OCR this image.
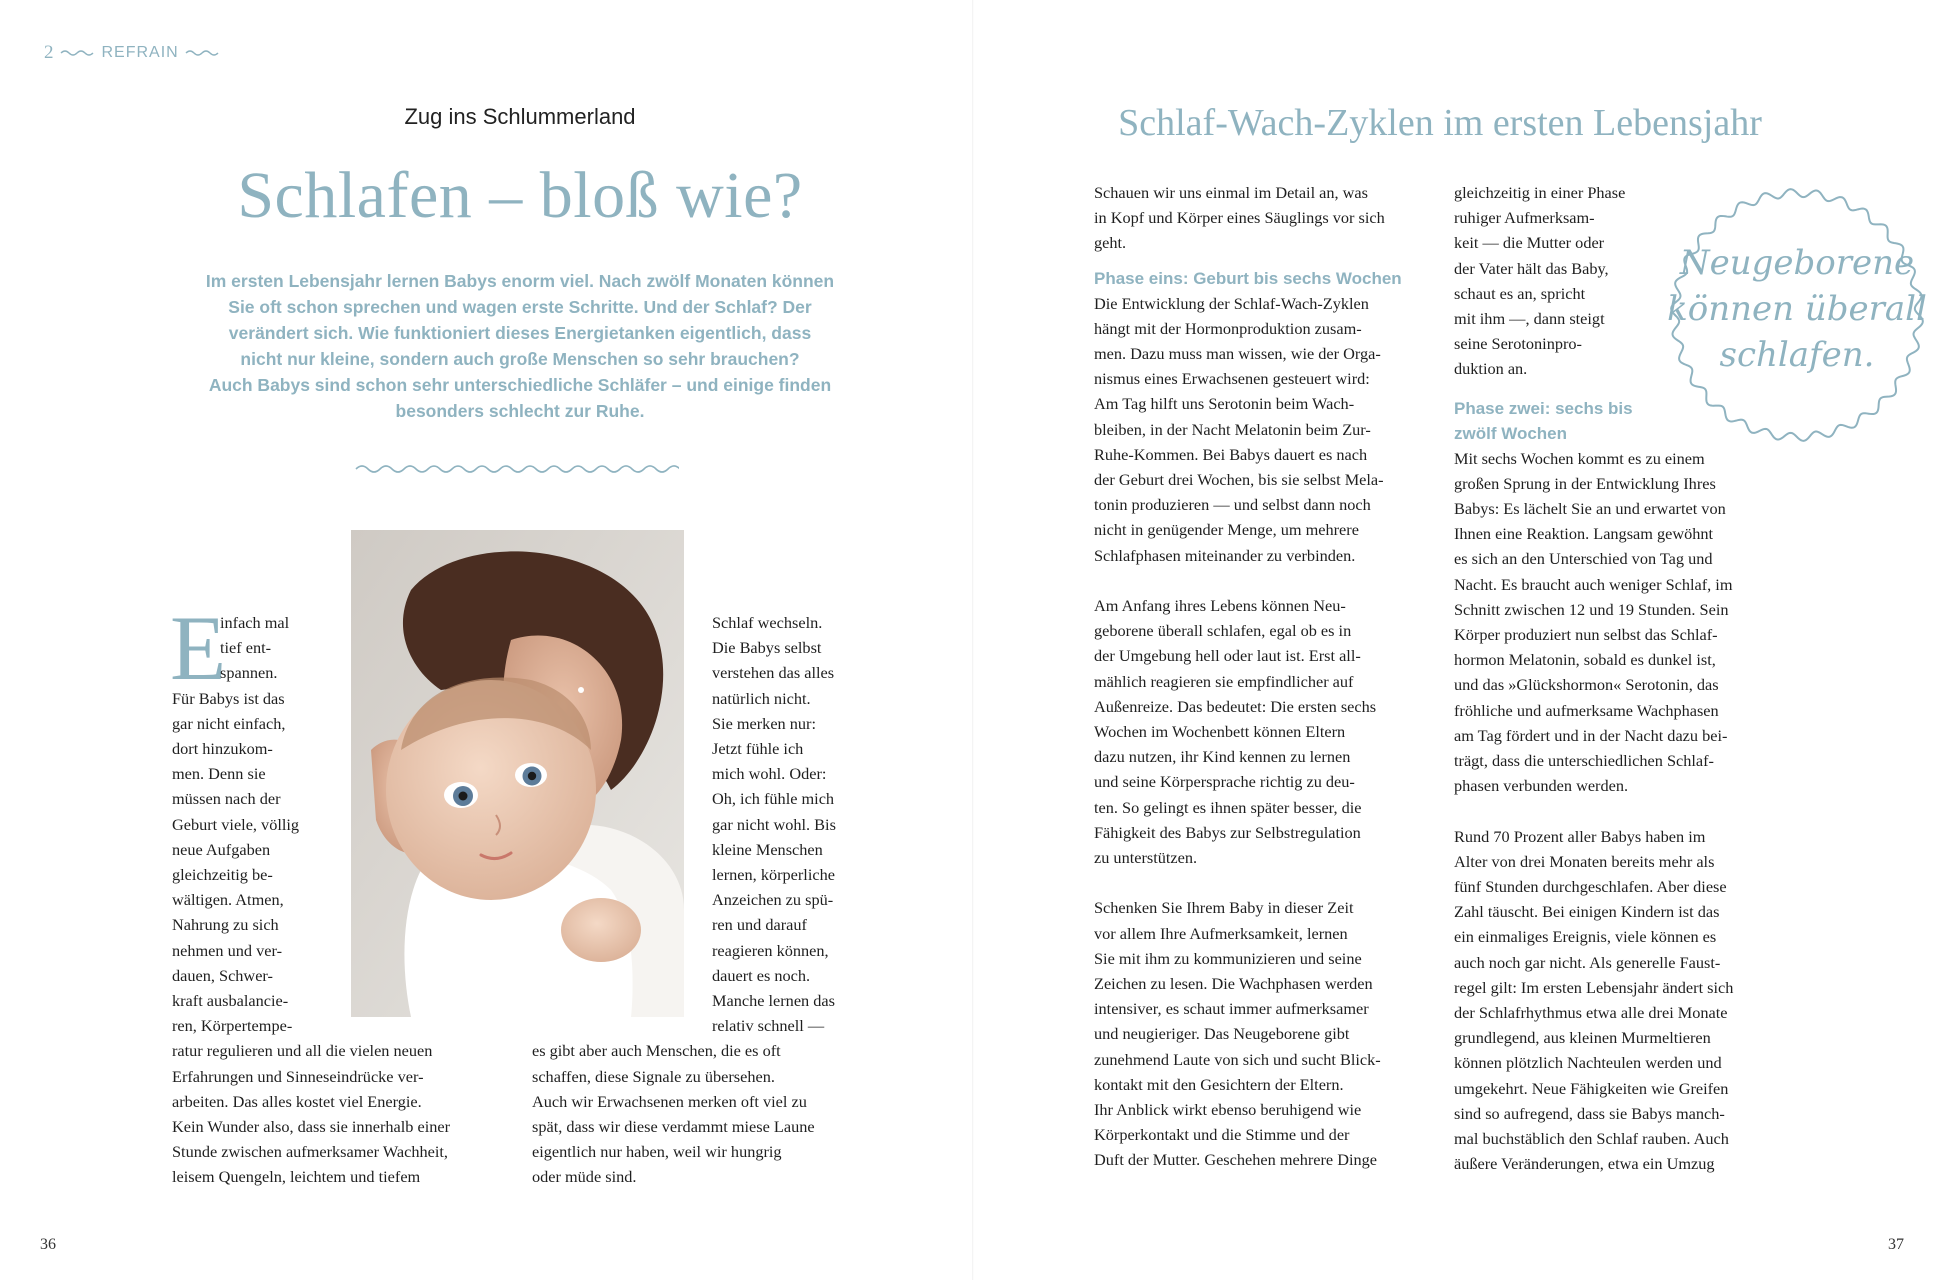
2	REFRAIN
Zug ins Schlummerland
Schlafen – bloß wie?
Im ersten Lebensjahr lernen Babys enorm viel. Nach zwölf Monaten können
Sie oft schon sprechen und wagen erste Schritte. Und der Schlaf? Der
verändert sich. Wie funktioniert dieses Energietanken eigentlich, dass
nicht nur kleine, sondern auch große Menschen so sehr brauchen?
Auch Babys sind schon sehr unterschiedliche Schläfer – und einige finden
besonders schlecht zur Ruhe.
E

infach mal

tief ent-

spannen.

Für Babys ist das

gar nicht einfach,

dort hinzukom-

men. Denn sie

müssen nach der

Geburt viele, völlig

neue Aufgaben

gleichzeitig be-

wältigen. Atmen,

Nahrung zu sich

nehmen und ver-

dauen, Schwer-

kraft ausbalancie-

ren, Körpertempe-

ratur regulieren und all die vielen neuen

Erfahrungen und Sinneseindrücke ver-

arbeiten. Das alles kostet viel Energie.

Kein Wunder also, dass sie innerhalb einer

Stunde zwischen aufmerksamer Wachheit,

leisem Quengeln, leichtem und tiefem

Schlaf wechseln.

Die Babys selbst

verstehen das alles

natürlich nicht.

Sie merken nur:

Jetzt fühle ich

mich wohl. Oder:

Oh, ich fühle mich

gar nicht wohl. Bis

kleine Menschen

lernen, körperliche

Anzeichen zu spü-

ren und darauf

reagieren können,

dauert es noch.

Manche lernen das

relativ schnell —

es gibt aber auch Menschen, die es oft

schaffen, diese Signale zu übersehen.

Auch wir Erwachsenen merken oft viel zu

spät, dass wir diese verdammt miese Laune

eigentlich nur haben, weil wir hungrig

oder müde sind.

36
Schlaf-Wach-Zyklen im ersten Lebensjahr

Schauen wir uns einmal im Detail an, was

in Kopf und Körper eines Säuglings vor sich

geht.

Phase eins: Geburt bis sechs Wochen

Die Entwicklung der Schlaf-Wach-Zyklen

hängt mit der Hormonproduktion zusam-

men. Dazu muss man wissen, wie der Orga-

nismus eines Erwachsenen gesteuert wird:

Am Tag hilft uns Serotonin beim Wach-

bleiben, in der Nacht Melatonin beim Zur-

Ruhe-Kommen. Bei Babys dauert es nach

der Geburt drei Wochen, bis sie selbst Mela-

tonin produzieren — und selbst dann noch

nicht in genügender Menge, um mehrere

Schlafphasen miteinander zu verbinden.

Am Anfang ihres Lebens können Neu-

geborene überall schlafen, egal ob es in

der Umgebung hell oder laut ist. Erst all-

mählich reagieren sie empfindlicher auf

Außenreize. Das bedeutet: Die ersten sechs

Wochen im Wochenbett können Eltern

dazu nutzen, ihr Kind kennen zu lernen

und seine Körpersprache richtig zu deu-

ten. So gelingt es ihnen später besser, die

Fähigkeit des Babys zur Selbstregulation

zu unterstützen.

Schenken Sie Ihrem Baby in dieser Zeit

vor allem Ihre Aufmerksamkeit, lernen

Sie mit ihm zu kommunizieren und seine

Zeichen zu lesen. Die Wachphasen werden

intensiver, es schaut immer aufmerksamer

und neugieriger. Das Neugeborene gibt

zunehmend Laute von sich und sucht Blick-

kontakt mit den Gesichtern der Eltern.

Ihr Anblick wirkt ebenso beruhigend wie

Körperkontakt und die Stimme und der

Duft der Mutter. Geschehen mehrere Dinge

gleichzeitig in einer Phase

ruhiger Aufmerksam-

keit — die Mutter oder

der Vater hält das Baby,

schaut es an, spricht

mit ihm —, dann steigt

seine Serotoninpro-

duktion an.

Phase zwei: sechs bis
zwölf Wochen

Mit sechs Wochen kommt es zu einem

großen Sprung in der Entwicklung Ihres

Babys: Es lächelt Sie an und erwartet von

Ihnen eine Reaktion. Langsam gewöhnt

es sich an den Unterschied von Tag und

Nacht. Es braucht auch weniger Schlaf, im

Schnitt zwischen 12 und 19 Stunden. Sein

Körper produziert nun selbst das Schlaf-

hormon Melatonin, sobald es dunkel ist,

und das »Glückshormon« Serotonin, das

fröhliche und aufmerksame Wachphasen

am Tag fördert und in der Nacht dazu bei-

trägt, dass die unterschiedlichen Schlaf-

phasen verbunden werden.

Rund 70 Prozent aller Babys haben im

Alter von drei Monaten bereits mehr als

fünf Stunden durchgeschlafen. Aber diese

Zahl täuscht. Bei einigen Kindern ist das

ein einmaliges Ereignis, viele können es

auch noch gar nicht. Als generelle Faust-

regel gilt: Im ersten Lebensjahr ändert sich

der Schlafrhythmus etwa alle drei Monate

grundlegend, aus kleinen Murmeltieren

können plötzlich Nachteulen werden und

umgekehrt. Neue Fähigkeiten wie Greifen

sind so aufregend, dass sie Babys manch-

mal buchstäblich den Schlaf rauben. Auch

äußere Veränderungen, etwa ein Umzug

Neugeborene
können überall
schlafen.
37
